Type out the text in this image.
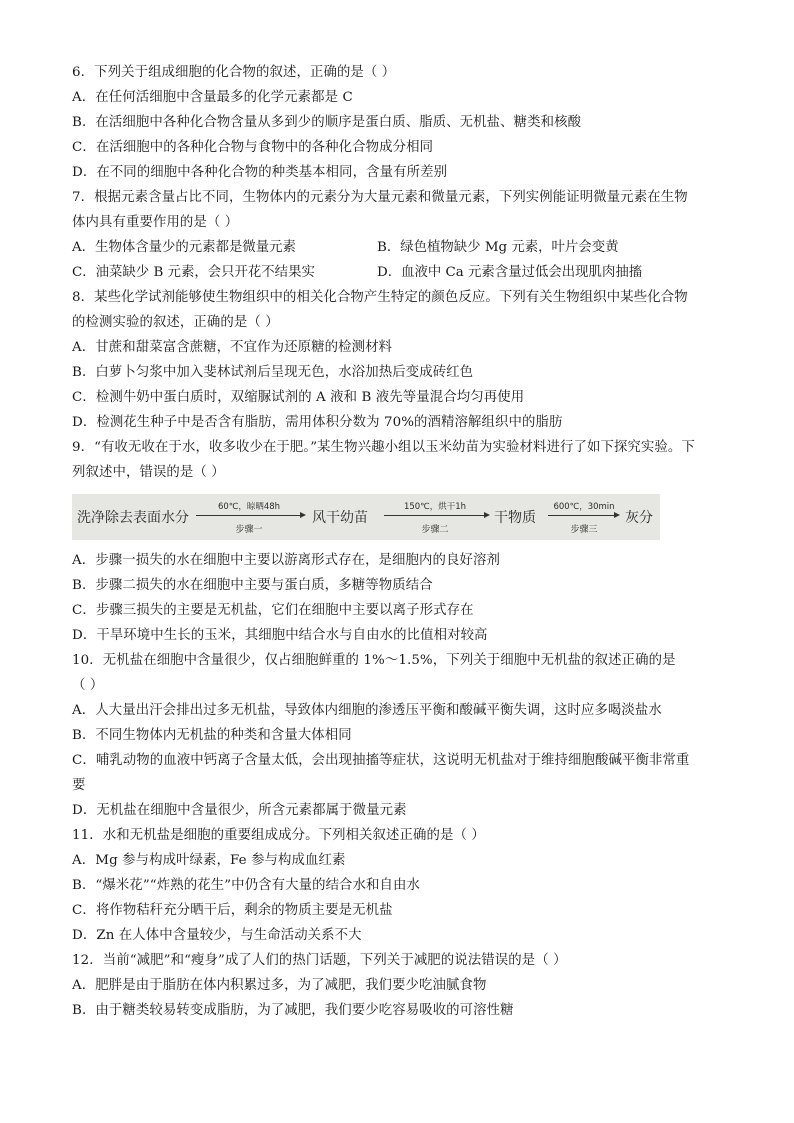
6．下列关于组成细胞的化合物的叙述，正确的是（ ）
A．在任何活细胞中含量最多的化学元素都是 C
B．在活细胞中各种化合物含量从多到少的顺序是蛋白质、脂质、无机盐、糖类和核酸
C．在活细胞中的各种化合物与食物中的各种化合物成分相同
D．在不同的细胞中各种化合物的种类基本相同，含量有所差别
7．根据元素含量占比不同，生物体内的元素分为大量元素和微量元素，下列实例能证明微量元素在生物
体内具有重要作用的是（ ）
A．生物体含量少的元素都是微量元素	B．绿色植物缺少 Mg 元素，叶片会变黄
C．油菜缺少 B 元素，会只开花不结果实	D．血液中 Ca 元素含量过低会出现肌肉抽搐
8．某些化学试剂能够使生物组织中的相关化合物产生特定的颜色反应。下列有关生物组织中某些化合物
的检测实验的叙述，正确的是（ ）
A．甘蔗和甜菜富含蔗糖，不宜作为还原糖的检测材料
B．白萝卜匀浆中加入斐林试剂后呈现无色，水浴加热后变成砖红色
C．检测牛奶中蛋白质时，双缩脲试剂的 A 液和 B 液先等量混合均匀再使用
D．检测花生种子中是否含有脂肪，需用体积分数为 70%的酒精溶解组织中的脂肪
9．“有收无收在于水，收多收少在于肥。”某生物兴趣小组以玉米幼苗为实验材料进行了如下探究实验。下
列叙述中，错误的是（ ）
洗净除去表面水分
60℃，晾晒48h
步骤一
风干幼苗
150℃，烘干1h
步骤二
干物质
600℃，30min
步骤三
灰分
A．步骤一损失的水在细胞中主要以游离形式存在，是细胞内的良好溶剂
B．步骤二损失的水在细胞中主要与蛋白质，多糖等物质结合
C．步骤三损失的主要是无机盐，它们在细胞中主要以离子形式存在
D．干旱环境中生长的玉米，其细胞中结合水与自由水的比值相对较高
10．无机盐在细胞中含量很少，仅占细胞鲜重的 1%～1.5%，下列关于细胞中无机盐的叙述正确的是
（ ）
A．人大量出汗会排出过多无机盐，导致体内细胞的渗透压平衡和酸碱平衡失调，这时应多喝淡盐水
B．不同生物体内无机盐的种类和含量大体相同
C．哺乳动物的血液中钙离子含量太低，会出现抽搐等症状，这说明无机盐对于维持细胞酸碱平衡非常重
要
D．无机盐在细胞中含量很少，所含元素都属于微量元素
11．水和无机盐是细胞的重要组成成分。下列相关叙述正确的是（ ）
A．Mg 参与构成叶绿素，Fe 参与构成血红素
B．“爆米花”“炸熟的花生”中仍含有大量的结合水和自由水
C．将作物秸秆充分晒干后，剩余的物质主要是无机盐
D．Zn 在人体中含量较少，与生命活动关系不大
12．当前“减肥”和“瘦身”成了人们的热门话题，下列关于减肥的说法错误的是（ ）
A．肥胖是由于脂肪在体内积累过多，为了减肥，我们要少吃油腻食物
B．由于糖类较易转变成脂肪，为了减肥，我们要少吃容易吸收的可溶性糖
